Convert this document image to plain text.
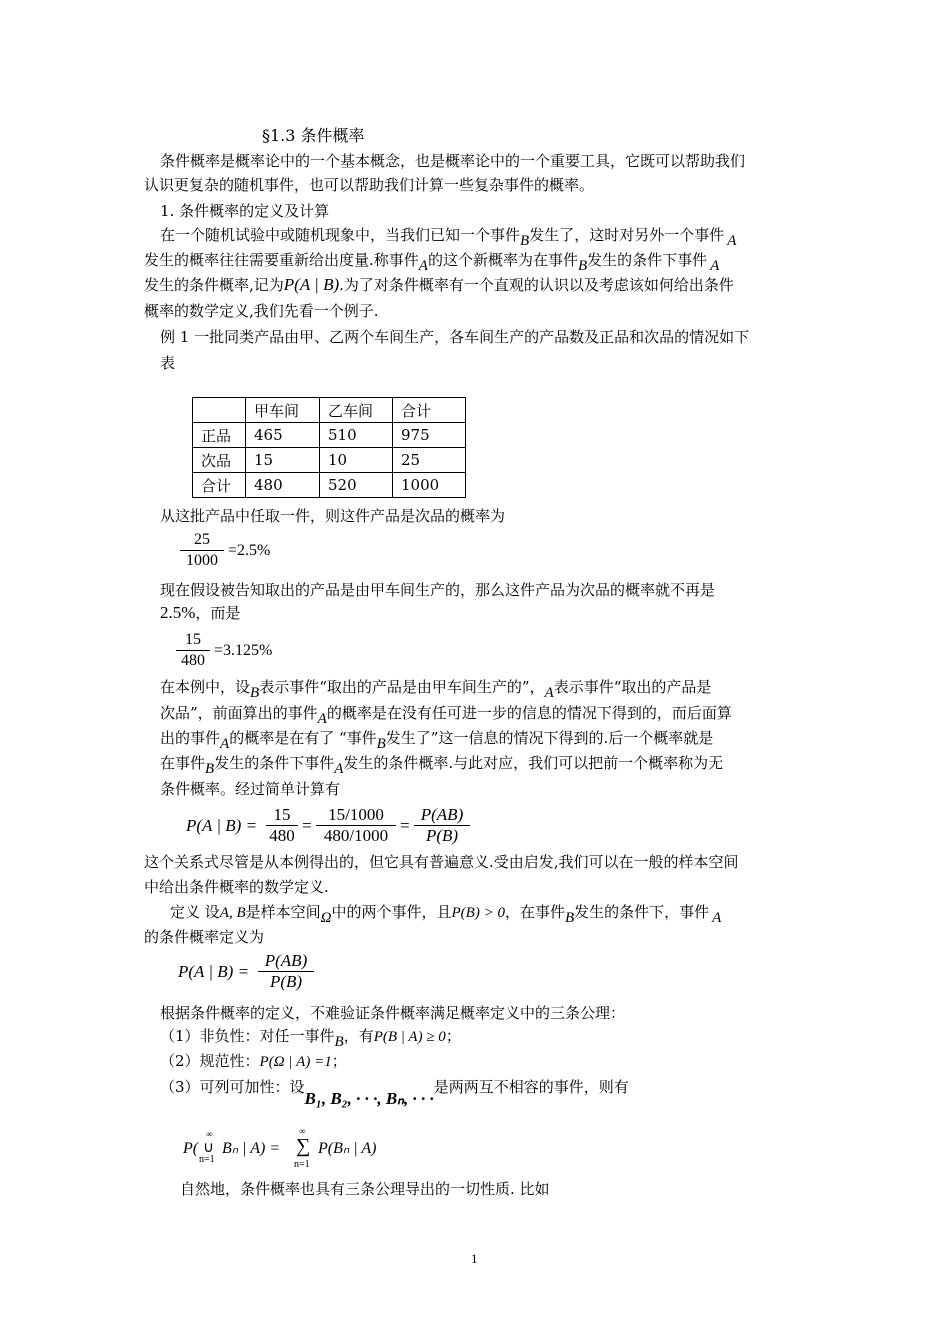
§1.3 条件概率
条件概率是概率论中的一个基本概念，也是概率论中的一个重要工具，它既可以帮助我们
认识更复杂的随机事件，也可以帮助我们计算一些复杂事件的概率。
1. 条件概率的定义及计算
在一个随机试验中或随机现象中，当我们已知一个事件B发生了，这时对另外一个事件 A
发生的概率往往需要重新给出度量.称事件A的这个新概率为在事件B发生的条件下事件 A
发生的条件概率,记为P(A | B).为了对条件概率有一个直观的认识以及考虑该如何给出条件
概率的数学定义,我们先看一个例子.
例 1 一批同类产品由甲、乙两个车间生产，各车间生产的产品数及正品和次品的情况如下
表
	甲车间	乙车间	合计
正品	465	510	975
次品	15	10	25
合计	480	520	1000
从这批产品中任取一件，则这件产品是次品的概率为
25
1000
=2.5%
现在假设被告知取出的产品是由甲车间生产的，那么这件产品为次品的概率就不再是
2.5%，而是
15
480
=3.125%
在本例中，设B表示事件“取出的产品是由甲车间生产的”，A表示事件“取出的产品是
次品”，前面算出的事件A的概率是在没有任可进一步的信息的情况下得到的，而后面算
出的事件A的概率是在有了 “事件B发生了”这一信息的情况下得到的.后一个概率就是
在事件B发生的条件下事件A发生的条件概率.与此对应，我们可以把前一个概率称为无
条件概率。经过简单计算有
P(A | B) =
15
480
=
15/1000
480/1000
=
P(AB)
P(B)
这个关系式尽管是从本例得出的，但它具有普遍意义.受由启发,我们可以在一般的样本空间
中给出条件概率的数学定义.
定义 设A, B是样本空间Ω中的两个事件，且P(B) > 0，在事件B发生的条件下，事件 A
的条件概率定义为
P(A | B) =
P(AB)
P(B)
根据条件概率的定义，不难验证条件概率满足概率定义中的三条公理：
（1）非负性：对任一事件B，有P(B | A) ≥ 0；
（2）规范性：P(Ω | A) =1；
（3）可列可加性：设B₁, B₂, · · ·, Bₙ, · · ·是两两互不相容的事件，则有
P(
∞
∪
n=1
Bₙ | A) =
∞
∑
n=1
P(Bₙ | A)
自然地，条件概率也具有三条公理导出的一切性质. 比如
1
